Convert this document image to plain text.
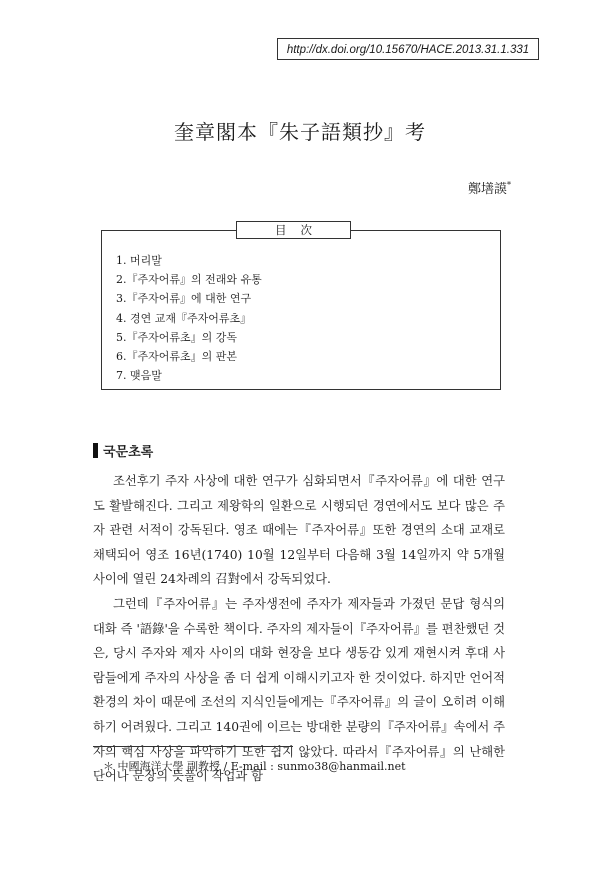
http://dx.doi.org/10.15670/HACE.2013.31.1.331
奎章閣本『朱子語類抄』考
鄭墡謨*
目次
1. 머리말
2.『주자어류』의 전래와 유통
3.『주자어류』에 대한 연구
4. 경연 교재『주자어류초』
5.『주자어류초』의 강독
6.『주자어류초』의 판본
7. 맺음말
국문초록

조선후기 주자 사상에 대한 연구가 심화되면서『주자어류』에 대한 연구도 활발해진다. 그리고 제왕학의 일환으로 시행되던 경연에서도 보다 많은 주자 관련 서적이 강독된다. 영조 때에는『주자어류』또한 경연의 소대 교재로 채택되어 영조 16년(1740) 10월 12일부터 다음해 3월 14일까지 약 5개월 사이에 열린 24차례의 召對에서 강독되었다.

그런데『주자어류』는 주자생전에 주자가 제자들과 가졌던 문답 형식의 대화 즉 '語錄'을 수록한 책이다. 주자의 제자들이『주자어류』를 편찬했던 것은, 당시 주자와 제자 사이의 대화 현장을 보다 생동감 있게 재현시켜 후대 사람들에게 주자의 사상을 좀 더 쉽게 이해시키고자 한 것이었다. 하지만 언어적 환경의 차이 때문에 조선의 지식인들에게는『주자어류』의 글이 오히려 이해하기 어려웠다. 그리고 140권에 이르는 방대한 분량의『주자어류』속에서 주자의 핵심 사상을 파악하기 또한 쉽지 않았다. 따라서『주자어류』의 난해한 단어나 문장의 뜻풀이 작업과 함

＊ 中國海洋大學 副教授 / E-mail : sunmo38@hanmail.net
